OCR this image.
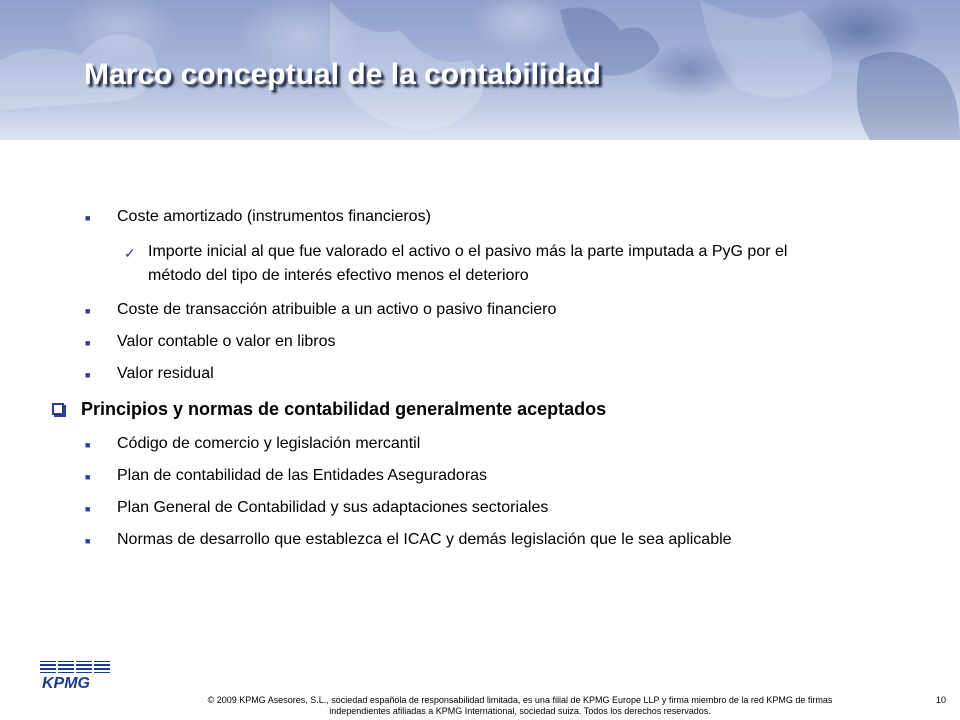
Marco conceptual de la contabilidad
■ Coste amortizado (instrumentos financieros)
✓ Importe inicial al que fue valorado el activo o el pasivo más la parte imputada a PyG por el
método del tipo de interés efectivo menos el deterioro
■ Coste de transacción atribuible a un activo o pasivo financiero
■ Valor contable o valor en libros
■ Valor residual
Principios y normas de contabilidad generalmente aceptados
■ Código de comercio y legislación mercantil
■ Plan de contabilidad de las Entidades Aseguradoras
■ Plan General de Contabilidad y sus adaptaciones sectoriales
■ Normas de desarrollo que establezca el ICAC y demás legislación que le sea aplicable
KPMG
© 2009 KPMG Asesores, S.L., sociedad española de responsabilidad limitada, es una filial de KPMG Europe LLP y firma miembro de la red KPMG de firmas
independientes afiliadas a KPMG International, sociedad suiza. Todos los derechos reservados.
10
